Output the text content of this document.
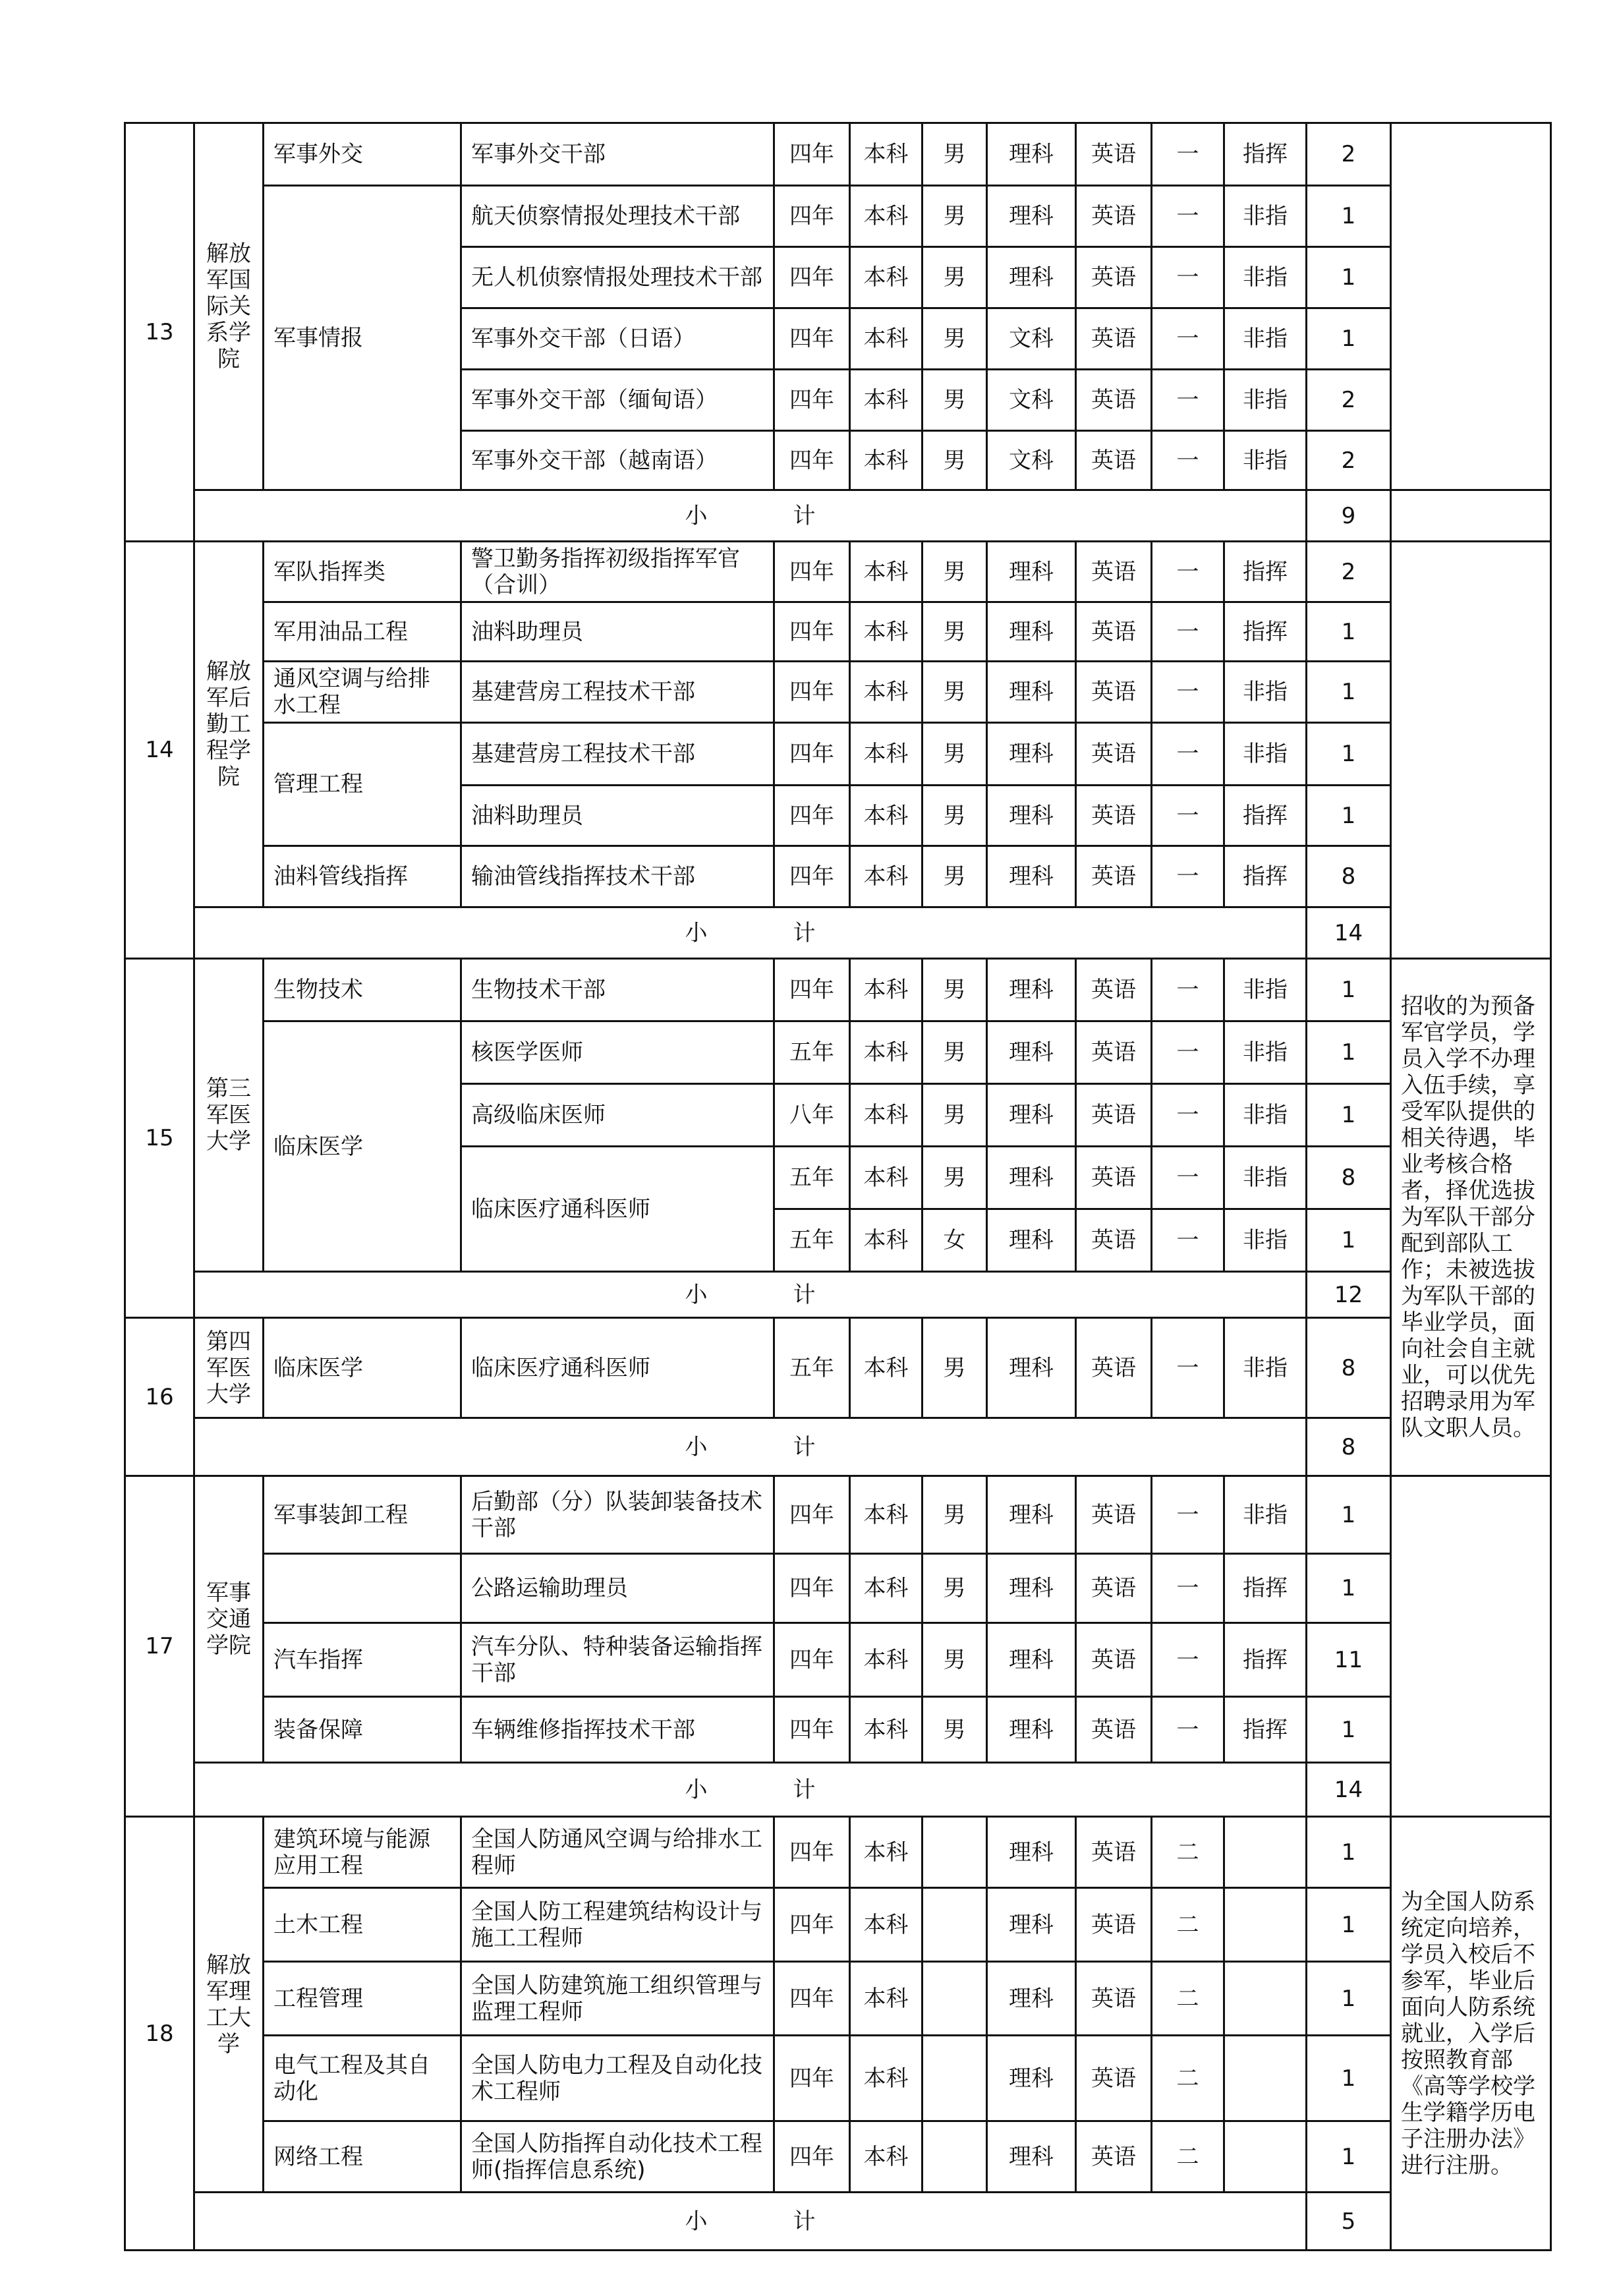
13	解放军国际关系学院	军事外交	军事外交干部	四年	本科	男	理科	英语	一	指挥	2	
		军事情报	航天侦察情报处理技术干部	四年	本科	男	理科	英语	一	非指	1	
			无人机侦察情报处理技术干部	四年	本科	男	理科	英语	一	非指	1	
			军事外交干部（日语）	四年	本科	男	文科	英语	一	非指	1	
			军事外交干部（缅甸语）	四年	本科	男	文科	英语	一	非指	2	
			军事外交干部（越南语）	四年	本科	男	文科	英语	一	非指	2	
	小 计										9	
14	解放军后勤工程学院	军队指挥类	警卫勤务指挥初级指挥军官（合训）	四年	本科	男	理科	英语	一	指挥	2	
		军用油品工程	油料助理员	四年	本科	男	理科	英语	一	指挥	1	
		通风空调与给排水工程	基建营房工程技术干部	四年	本科	男	理科	英语	一	非指	1	
		管理工程	基建营房工程技术干部	四年	本科	男	理科	英语	一	非指	1	
			油料助理员	四年	本科	男	理科	英语	一	指挥	1	
		油料管线指挥	输油管线指挥技术干部	四年	本科	男	理科	英语	一	指挥	8	
	小 计										14	
15	第三军医大学	生物技术	生物技术干部	四年	本科	男	理科	英语	一	非指	1	招收的为预备军官学员，学员入学不办理入伍手续，享受军队提供的相关待遇，毕业考核合格者，择优选拔为军队干部分配到部队工作；未被选拔为军队干部的毕业学员，面向社会自主就业，可以优先招聘录用为军队文职人员。
		临床医学	核医学医师	五年	本科	男	理科	英语	一	非指	1	
			高级临床医师	八年	本科	男	理科	英语	一	非指	1	
			临床医疗通科医师	五年	本科	男	理科	英语	一	非指	8	
				五年	本科	女	理科	英语	一	非指	1	
	小 计										12	
16	第四军医大学	临床医学	临床医疗通科医师	五年	本科	男	理科	英语	一	非指	8	
	小 计										8	
17	军事交通学院	军事装卸工程	后勤部（分）队装卸装备技术干部	四年	本科	男	理科	英语	一	非指	1	
			公路运输助理员	四年	本科	男	理科	英语	一	指挥	1	
		汽车指挥	汽车分队、特种装备运输指挥干部	四年	本科	男	理科	英语	一	指挥	11	
		装备保障	车辆维修指挥技术干部	四年	本科	男	理科	英语	一	指挥	1	
	小 计										14	
18	解放军理工大学	建筑环境与能源应用工程	全国人防通风空调与给排水工程师	四年	本科		理科	英语	二		1	为全国人防系统定向培养，学员入校后不参军，毕业后面向人防系统就业，入学后按照教育部《高等学校学生学籍学历电子注册办法》进行注册。
		土木工程	全国人防工程建筑结构设计与施工工程师	四年	本科		理科	英语	二		1	
		工程管理	全国人防建筑施工组织管理与监理工程师	四年	本科		理科	英语	二		1	
		电气工程及其自动化	全国人防电力工程及自动化技术工程师	四年	本科		理科	英语	二		1	
		网络工程	全国人防指挥自动化技术工程师(指挥信息系统)	四年	本科		理科	英语	二		1	
	小 计										5	
